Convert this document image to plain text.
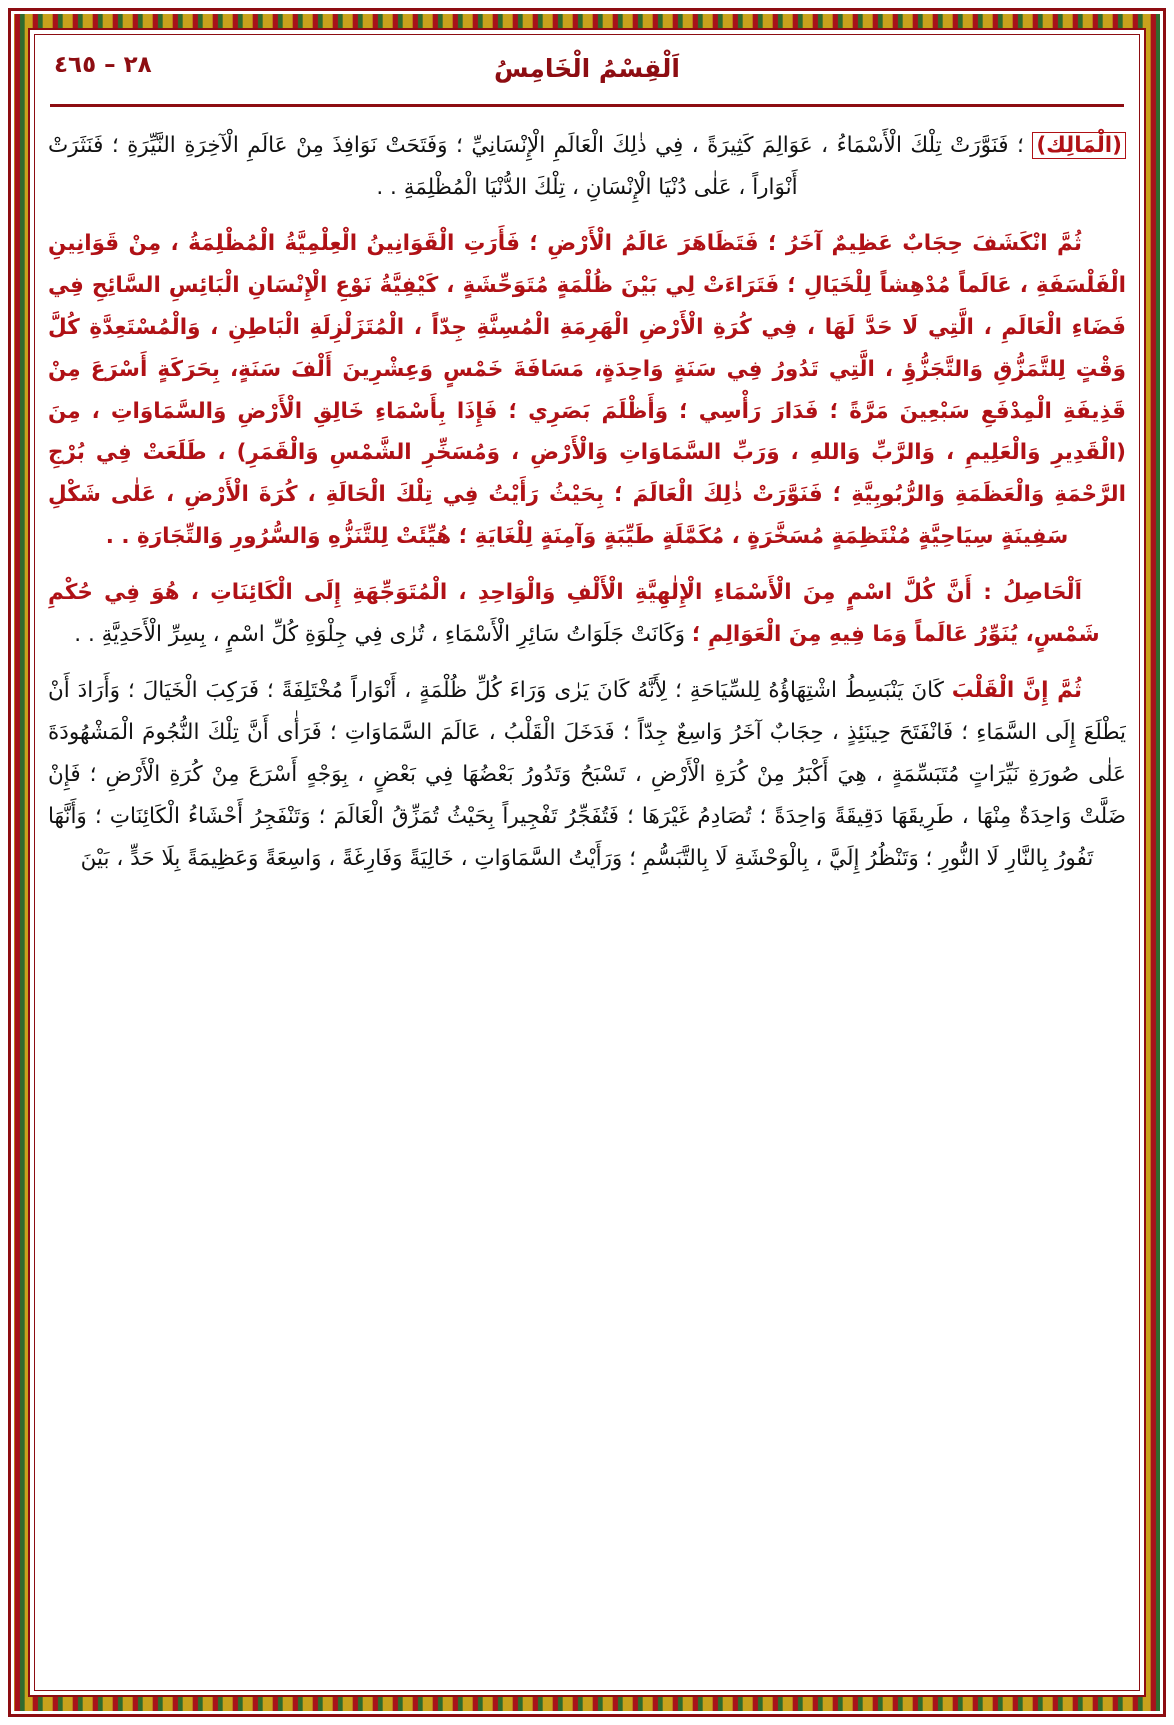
٢٨ – ٤٦٥	اَلْقِسْمُ الْخَامِسُ

(الْمَالِك) ؛ فَنَوَّرَتْ تِلْكَ الْأَسْمَاءُ ، عَوَالِمَ كَثِيرَةً ، فِي ذٰلِكَ الْعَالَمِ الْإِنْسَانِيِّ ؛ وَفَتَحَتْ نَوَافِذَ مِنْ عَالَمِ الْآخِرَةِ النَّيِّرَةِ ؛ فَنَثَرَتْ أَنْوَاراً ، عَلٰى دُنْيَا الْإِنْسَانِ ، تِلْكَ الدُّنْيَا الْمُظْلِمَةِ . .

ثُمَّ انْكَشَفَ حِجَابٌ عَظِيمٌ آخَرُ ؛ فَتَظَاهَرَ عَالَمُ الْأَرْضِ ؛ فَأَرَتِ الْقَوَانِينُ الْعِلْمِيَّةُ الْمُظْلِمَةُ ، مِنْ قَوَانِينِ الْفَلْسَفَةِ ، عَالَماً مُدْهِشاً لِلْخَيَالِ ؛ فَتَرَاءَتْ لِي بَيْنَ ظُلْمَةٍ مُتَوَحِّشَةٍ ، كَيْفِيَّةُ نَوْعِ الْإِنْسَانِ الْبَائِسِ السَّائِحِ فِي فَضَاءِ الْعَالَمِ ، الَّتِي لَا حَدَّ لَهَا ، فِي كُرَةِ الْأَرْضِ الْهَرِمَةِ الْمُسِنَّةِ جِدّاً ، الْمُتَزَلْزِلَةِ الْبَاطِنِ ، وَالْمُسْتَعِدَّةِ كُلَّ وَقْتٍ لِلتَّمَزُّقِ وَالتَّجَزُّؤِ ، الَّتِي تَدُورُ فِي سَنَةٍ وَاحِدَةٍ، مَسَافَةَ خَمْسٍ وَعِشْرِينَ أَلْفَ سَنَةٍ، بِحَرَكَةٍ أَسْرَعَ مِنْ قَذِيفَةِ الْمِدْفَعِ سَبْعِينَ مَرَّةً ؛ فَدَارَ رَأْسِي ؛ وَأَظْلَمَ بَصَرِي ؛ فَإِذَا بِأَسْمَاءِ خَالِقِ الْأَرْضِ وَالسَّمَاوَاتِ ، مِنَ (الْقَدِيرِ وَالْعَلِيمِ ، وَالرَّبِّ وَاللهِ ، وَرَبِّ السَّمَاوَاتِ وَالْأَرْضِ ، وَمُسَخِّرِ الشَّمْسِ وَالْقَمَرِ) ، طَلَعَتْ فِي بُرْجِ الرَّحْمَةِ وَالْعَظَمَةِ وَالرُّبُوبِيَّةِ ؛ فَنَوَّرَتْ ذٰلِكَ الْعَالَمَ ؛ بِحَيْثُ رَأَيْتُ فِي تِلْكَ الْحَالَةِ ، كُرَةَ الْأَرْضِ ، عَلٰى شَكْلِ سَفِينَةٍ سِيَاحِيَّةٍ مُنْتَظِمَةٍ مُسَخَّرَةٍ ، مُكَمَّلَةٍ طَيِّبَةٍ وَآمِنَةٍ لِلْغَايَةِ ؛ هُيِّئَتْ لِلتَّنَزُّهِ وَالسُّرُورِ وَالتِّجَارَةِ . .

اَلْحَاصِلُ : أَنَّ كُلَّ اسْمٍ مِنَ الْأَسْمَاءِ الْإِلٰهِيَّةِ الْأَلْفِ وَالْوَاحِدِ ، الْمُتَوَجِّهَةِ إِلَى الْكَائِنَاتِ ، هُوَ فِي حُكْمِ شَمْسٍ، يُنَوِّرُ عَالَماً وَمَا فِيهِ مِنَ الْعَوَالِمِ ؛ وَكَانَتْ جَلَوَاتُ سَائِرِ الْأَسْمَاءِ ، تُرٰى فِي جِلْوَةِ كُلِّ اسْمٍ ، بِسِرِّ الْأَحَدِيَّةِ . .

ثُمَّ إِنَّ الْقَلْبَ كَانَ يَنْبَسِطُ اشْتِهَاؤُهُ لِلسِّيَاحَةِ ؛ لِأَنَّهُ كَانَ يَرٰى وَرَاءَ كُلِّ ظُلْمَةٍ ، أَنْوَاراً مُخْتَلِفَةً ؛ فَرَكِبَ الْخَيَالَ ؛ وَأَرَادَ أَنْ يَطْلَعَ إِلَى السَّمَاءِ ؛ فَانْفَتَحَ حِينَئِذٍ ، حِجَابٌ آخَرُ وَاسِعٌ جِدّاً ؛ فَدَخَلَ الْقَلْبُ ، عَالَمَ السَّمَاوَاتِ ؛ فَرَأٰى أَنَّ تِلْكَ النُّجُومَ الْمَشْهُودَةَ عَلٰى صُورَةِ نَيِّرَاتٍ مُتَبَسِّمَةٍ ، هِيَ أَكْبَرُ مِنْ كُرَةِ الْأَرْضِ ، تَسْبَحُ وَتَدُورُ بَعْضُهَا فِي بَعْضٍ ، بِوَجْهٍ أَسْرَعَ مِنْ كُرَةِ الْأَرْضِ ؛ فَإِنْ ضَلَّتْ وَاحِدَةٌ مِنْهَا ، طَرِيقَهَا دَقِيقَةً وَاحِدَةً ؛ تُصَادِمُ غَيْرَهَا ؛ فَتُفَجِّرُ تَفْجِيراً بِحَيْثُ تُمَزِّقُ الْعَالَمَ ؛ وَتَنْفَجِرُ أَحْشَاءُ الْكَائِنَاتِ ؛ وَأَنَّهَا تَفُورُ بِالنَّارِ لَا النُّورِ ؛ وَتَنْظُرُ إِلَيَّ ، بِالْوَحْشَةِ لَا بِالتَّبَسُّمِ ؛ وَرَأَيْتُ السَّمَاوَاتِ ، خَالِيَةً وَفَارِغَةً ، وَاسِعَةً وَعَظِيمَةً بِلَا حَدٍّ ، بَيْنَ
